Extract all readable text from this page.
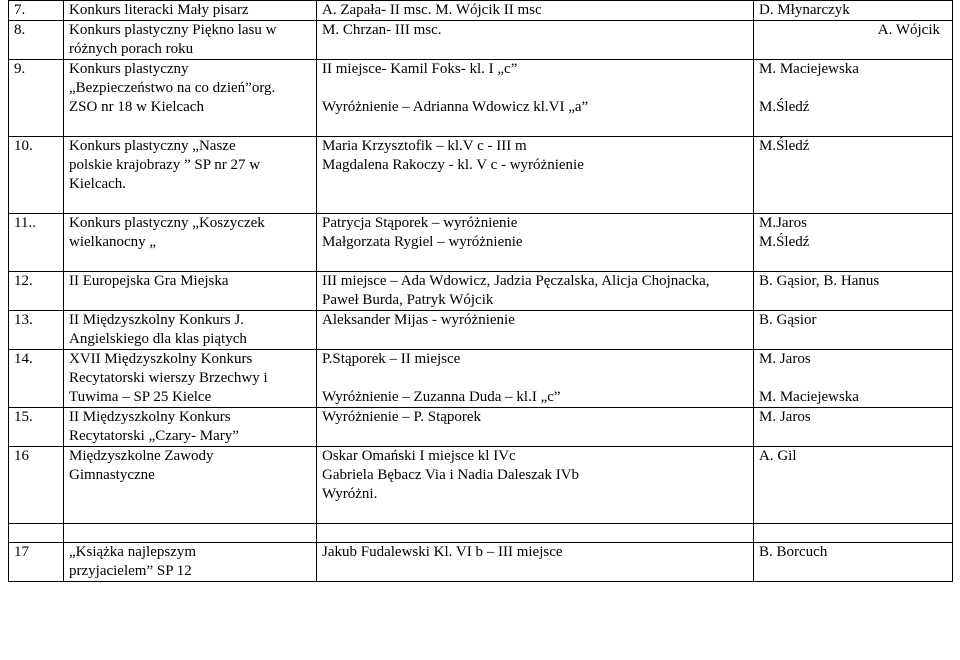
7.	Konkurs literacki Mały pisarz	A. Zapała- II msc. M. Wójcik II msc	D. Młynarczyk

8.	Konkurs plastyczny Piękno lasu w
różnych porach roku	M. Chrzan- III msc.	A. Wójcik

9.	Konkurs plastyczny
„Bezpieczeństwo na co dzień”org.
ZSO nr 18 w Kielcach	II miejsce- Kamil Foks- kl. I „c”
Wyróżnienie – Adrianna Wdowicz kl.VI „a”	M. Maciejewska
M.Śledź

10.	Konkurs plastyczny „Nasze
polskie krajobrazy ” SP nr 27 w
Kielcach.	Maria Krzysztofik – kl.V c - III m
Magdalena Rakoczy - kl. V c - wyróżnienie	M.Śledź

11..	Konkurs plastyczny „Koszyczek
wielkanocny „	Patrycja Stąporek – wyróżnienie
Małgorzata Rygiel – wyróżnienie	M.Jaros
M.Śledź

12.	II Europejska Gra Miejska	III miejsce – Ada Wdowicz, Jadzia Pęczalska, Alicja Chojnacka,
Paweł Burda, Patryk Wójcik	B. Gąsior, B. Hanus

13.	II Międzyszkolny Konkurs J.
Angielskiego dla klas piątych	Aleksander Mijas - wyróżnienie	B. Gąsior

14.	XVII Międzyszkolny Konkurs
Recytatorski wierszy Brzechwy i
Tuwima – SP 25 Kielce	P.Stąporek – II miejsce
Wyróżnienie – Zuzanna Duda – kl.I „c”	M. Jaros
M. Maciejewska

15.	II Międzyszkolny Konkurs
Recytatorski „Czary- Mary”	Wyróżnienie – P. Stąporek	M. Jaros

16	Międzyszkolne Zawody
Gimnastyczne	Oskar Omański I miejsce kl IVc
Gabriela Bębacz Via i Nadia Daleszak IVb
Wyróżni.	A. Gil

17	„Książka najlepszym
przyjacielem” SP 12	Jakub Fudalewski Kl. VI b – III miejsce	B. Borcuch
